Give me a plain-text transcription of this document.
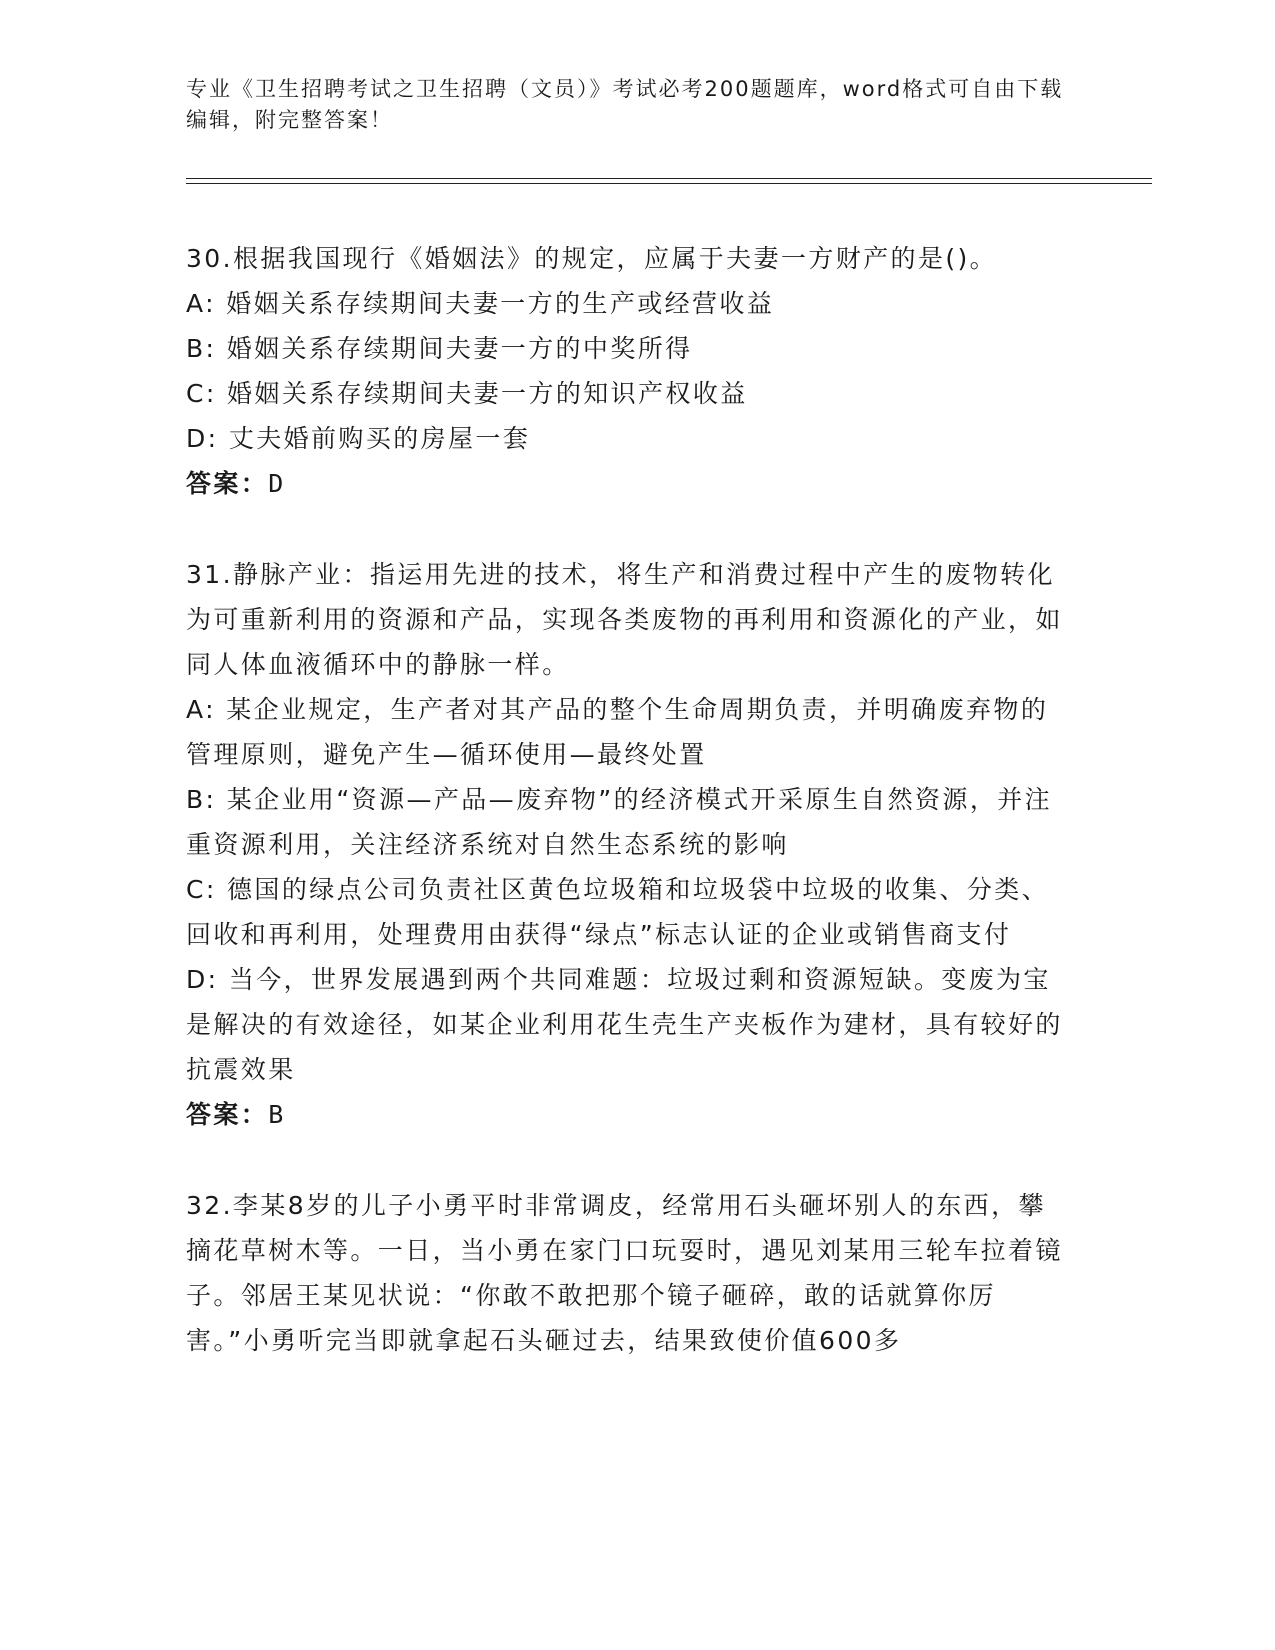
专业《卫生招聘考试之卫生招聘（文员）》考试必考200题题库，word格式可自由下载编辑，附完整答案！

30.根据我国现行《婚姻法》的规定，应属于夫妻一方财产的是()。

A: 婚姻关系存续期间夫妻一方的生产或经营收益

B: 婚姻关系存续期间夫妻一方的中奖所得

C: 婚姻关系存续期间夫妻一方的知识产权收益

D: 丈夫婚前购买的房屋一套

答案：D

31.静脉产业：指运用先进的技术，将生产和消费过程中产生的废物转化为可重新利用的资源和产品，实现各类废物的再利用和资源化的产业，如同人体血液循环中的静脉一样。

A: 某企业规定，生产者对其产品的整个生命周期负责，并明确废弃物的管理原则，避免产生—循环使用—最终处置

B: 某企业用“资源—产品—废弃物”的经济模式开采原生自然资源，并注重资源利用，关注经济系统对自然生态系统的影响

C: 德国的绿点公司负责社区黄色垃圾箱和垃圾袋中垃圾的收集、分类、回收和再利用，处理费用由获得“绿点”标志认证的企业或销售商支付

D: 当今，世界发展遇到两个共同难题：垃圾过剩和资源短缺。变废为宝是解决的有效途径，如某企业利用花生壳生产夹板作为建材，具有较好的抗震效果

答案：B

32.李某8岁的儿子小勇平时非常调皮，经常用石头砸坏别人的东西，攀摘花草树木等。一日，当小勇在家门口玩耍时，遇见刘某用三轮车拉着镜子。邻居王某见状说：“你敢不敢把那个镜子砸碎，敢的话就算你厉害。”小勇听完当即就拿起石头砸过去，结果致使价值600多
